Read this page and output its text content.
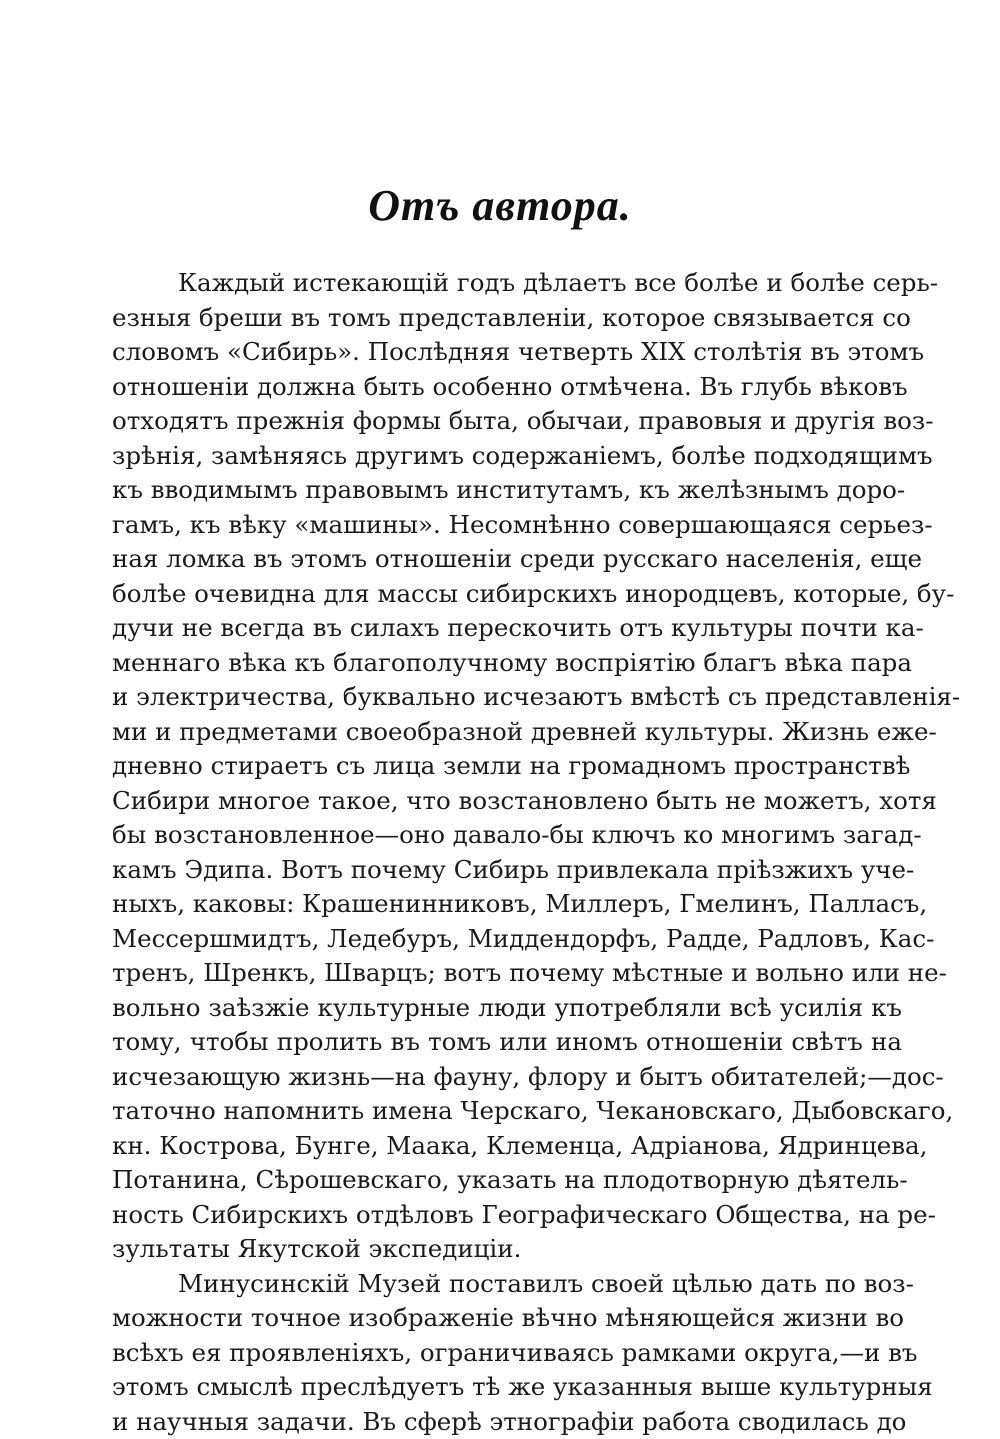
Отъ автора.
Каждый истекающій годъ дѣлаетъ все болѣе и болѣе серь-
езныя бреши въ томъ представленіи, которое связывается со
словомъ «Сибирь». Послѣдняя четверть XIX столѣтія въ этомъ
отношеніи должна быть особенно отмѣчена. Въ глубь вѣковъ
отходятъ прежнія формы быта, обычаи, правовыя и другія воз-
зрѣнія, замѣняясь другимъ содержаніемъ, болѣе подходящимъ
къ вводимымъ правовымъ институтамъ, къ желѣзнымъ доро-
гамъ, къ вѣку «машины». Несомнѣнно совершающаяся серьез-
ная ломка въ этомъ отношеніи среди русскаго населенія, еще
болѣе очевидна для массы сибирскихъ инородцевъ, которые, бу-
дучи не всегда въ силахъ перескочить отъ культуры почти ка-
меннаго вѣка къ благополучному воспріятію благъ вѣка пара
и электричества, буквально исчезаютъ вмѣстѣ съ представленія-
ми и предметами своеобразной древней культуры. Жизнь еже-
дневно стираетъ съ лица земли на громадномъ пространствѣ
Сибири многое такое, что возстановлено быть не можетъ, хотя
бы возстановленное—оно давало-бы ключъ ко многимъ загад-
камъ Эдипа. Вотъ почему Сибирь привлекала пріѣзжихъ уче-
ныхъ, каковы: Крашенинниковъ, Миллеръ, Гмелинъ, Палласъ,
Мессершмидтъ, Ледебуръ, Миддендорфъ, Радде, Радловъ, Кас-
тренъ, Шренкъ, Шварцъ; вотъ почему мѣстные и вольно или не-
вольно заѣзжіе культурные люди употребляли всѣ усилія къ
тому, чтобы пролить въ томъ или иномъ отношеніи свѣтъ на
исчезающую жизнь—на фауну, флору и бытъ обитателей;—дос-
таточно напомнить имена Черскаго, Чекановскаго, Дыбовскаго,
кн. Кострова, Бунге, Маака, Клеменца, Адріанова, Ядринцева,
Потанина, Сѣрошевскаго, указать на плодотворную дѣятель-
ность Сибирскихъ отдѣловъ Географическаго Общества, на ре-
зультаты Якутской экспедиціи.
Минусинскій Музей поставилъ своей цѣлью дать по воз-
можности точное изображеніе вѣчно мѣняющейся жизни во
всѣхъ ея проявленіяхъ, ограничиваясь рамками округа,—и въ
этомъ смыслѣ преслѣдуетъ тѣ же указанныя выше культурныя
и научныя задачи. Въ сферѣ этнографіи работа сводилась до
